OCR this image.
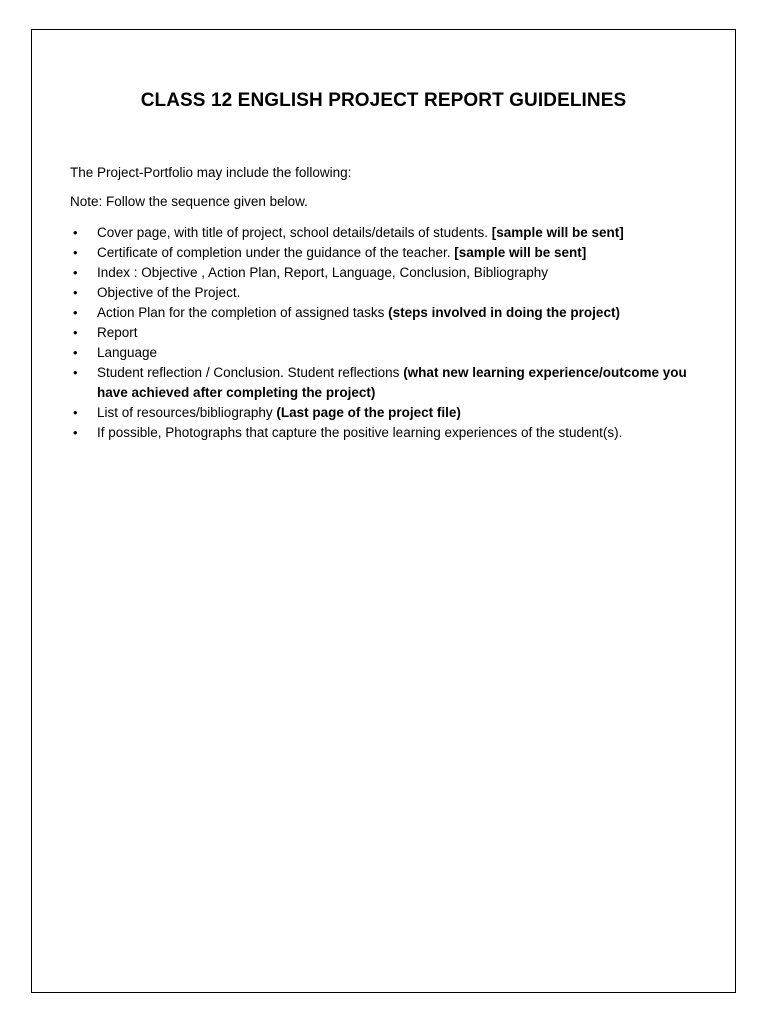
CLASS 12 ENGLISH PROJECT REPORT GUIDELINES

The Project-Portfolio may include the following:

Note: Follow the sequence given below.

• Cover page, with title of project, school details/details of students. [sample will be sent]
• Certificate of completion under the guidance of the teacher. [sample will be sent]
• Index : Objective , Action Plan, Report, Language, Conclusion, Bibliography
• Objective of the Project.
• Action Plan for the completion of assigned tasks (steps involved in doing the project)
• Report
• Language
• Student reflection / Conclusion. Student reflections (what new learning experience/outcome you have achieved after completing the project)
• List of resources/bibliography (Last page of the project file)
• If possible, Photographs that capture the positive learning experiences of the student(s).
